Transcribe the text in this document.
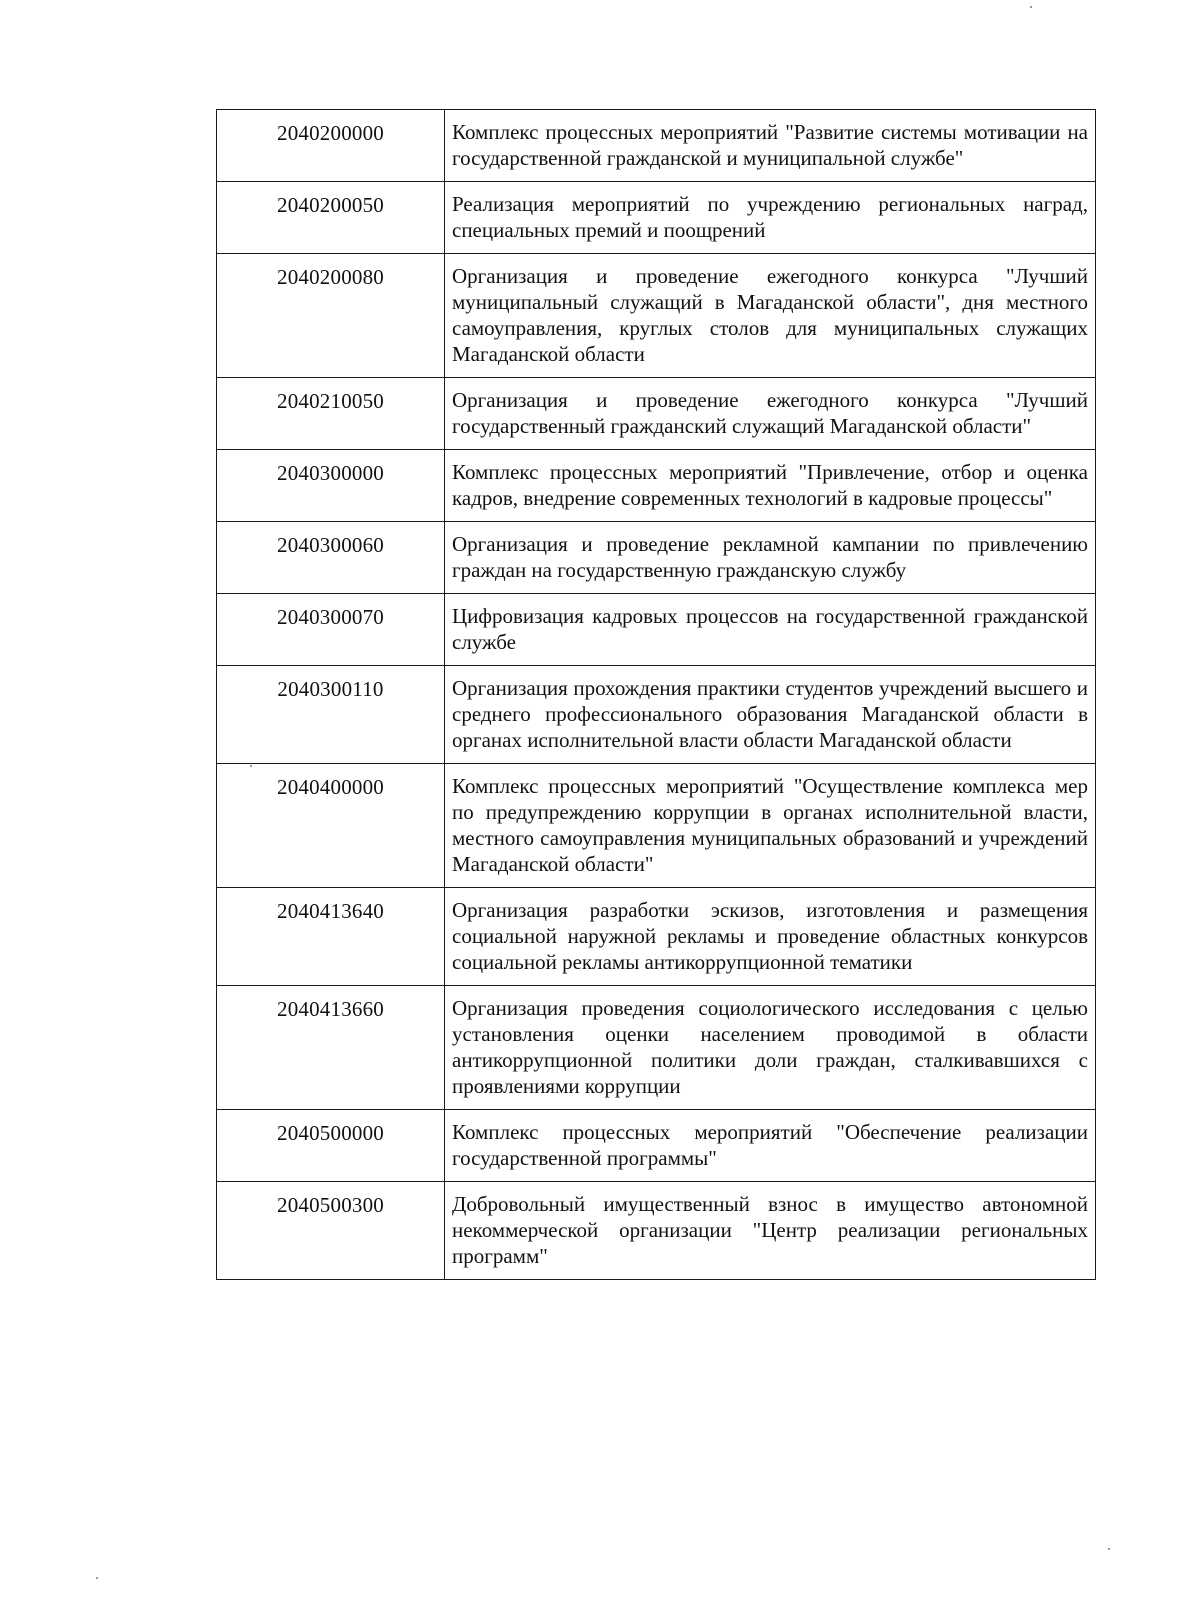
2040200000	Комплекс процессных мероприятий "Развитие системы мотивации на государственной гражданской и муниципальной службе"
2040200050	Реализация мероприятий по учреждению региональных наград, специальных премий и поощрений
2040200080	Организация и проведение ежегодного конкурса "Лучший муниципальный служащий в Магаданской области", дня местного самоуправления, круглых столов для муниципальных служащих Магаданской области
2040210050	Организация и проведение ежегодного конкурса "Лучший государственный гражданский служащий Магаданской области"
2040300000	Комплекс процессных мероприятий "Привлечение, отбор и оценка кадров, внедрение современных технологий в кадровые процессы"
2040300060	Организация и проведение рекламной кампании по привлечению граждан на государственную гражданскую службу
2040300070	Цифровизация кадровых процессов на государственной гражданской службе
2040300110	Организация прохождения практики студентов учреждений высшего и среднего профессионального образования Магаданской области в органах исполнительной власти области Магаданской области
2040400000	Комплекс процессных мероприятий "Осуществление комплекса мер по предупреждению коррупции в органах исполнительной власти, местного самоуправления муниципальных образований и учреждений Магаданской области"
2040413640	Организация разработки эскизов, изготовления и размещения социальной наружной рекламы и проведение областных конкурсов социальной рекламы антикоррупционной тематики
2040413660	Организация проведения социологического исследования с целью установления оценки населением проводимой в области антикоррупционной политики доли граждан, сталкивавшихся с проявлениями коррупции
2040500000	Комплекс процессных мероприятий "Обеспечение реализации государственной программы"
2040500300	Добровольный имущественный взнос в имущество автономной некоммерческой организации "Центр реализации региональных программ"
